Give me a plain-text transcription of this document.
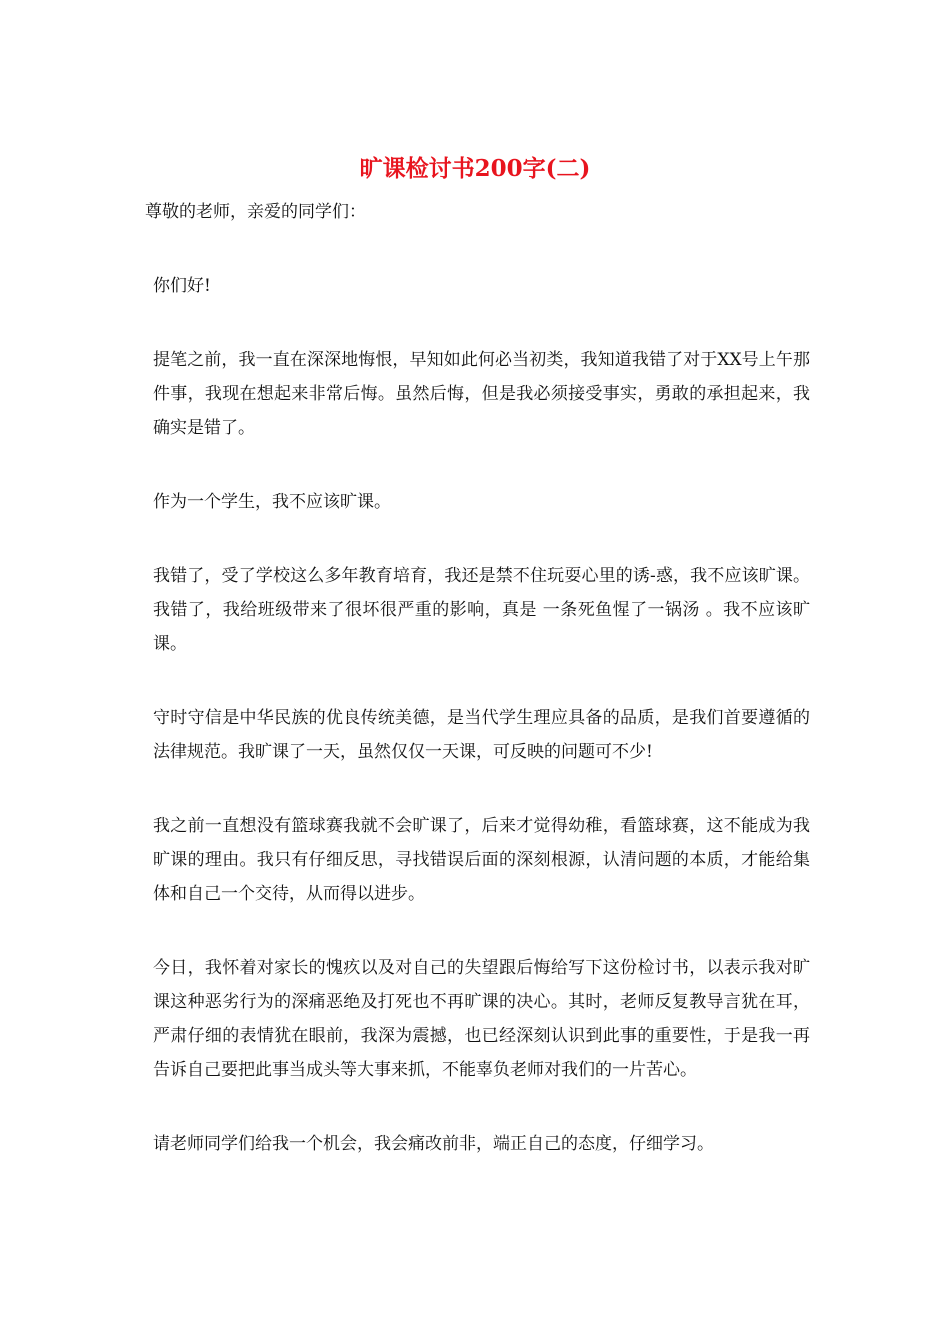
旷课检讨书200字(二)

尊敬的老师，亲爱的同学们：

你们好!

提笔之前，我一直在深深地悔恨，早知如此何必当初类，我知道我错了对于XX号上午那件事，我现在想起来非常后悔。虽然后悔，但是我必须接受事实，勇敢的承担起来，我确实是错了。

作为一个学生，我不应该旷课。

我错了，受了学校这么多年教育培育，我还是禁不住玩耍心里的诱-惑，我不应该旷课。我错了，我给班级带来了很坏很严重的影响，真是 一条死鱼惺了一锅汤 。我不应该旷课。

守时守信是中华民族的优良传统美德，是当代学生理应具备的品质，是我们首要遵循的法律规范。我旷课了一天，虽然仅仅一天课，可反映的问题可不少!

我之前一直想没有篮球赛我就不会旷课了，后来才觉得幼稚，看篮球赛，这不能成为我旷课的理由。我只有仔细反思，寻找错误后面的深刻根源，认清问题的本质，才能给集体和自己一个交待，从而得以进步。

今日，我怀着对家长的愧疚以及对自己的失望跟后悔给写下这份检讨书，以表示我对旷课这种恶劣行为的深痛恶绝及打死也不再旷课的决心。其时，老师反复教导言犹在耳，严肃仔细的表情犹在眼前，我深为震撼，也已经深刻认识到此事的重要性，于是我一再告诉自己要把此事当成头等大事来抓，不能辜负老师对我们的一片苦心。

请老师同学们给我一个机会，我会痛改前非，端正自己的态度，仔细学习。
